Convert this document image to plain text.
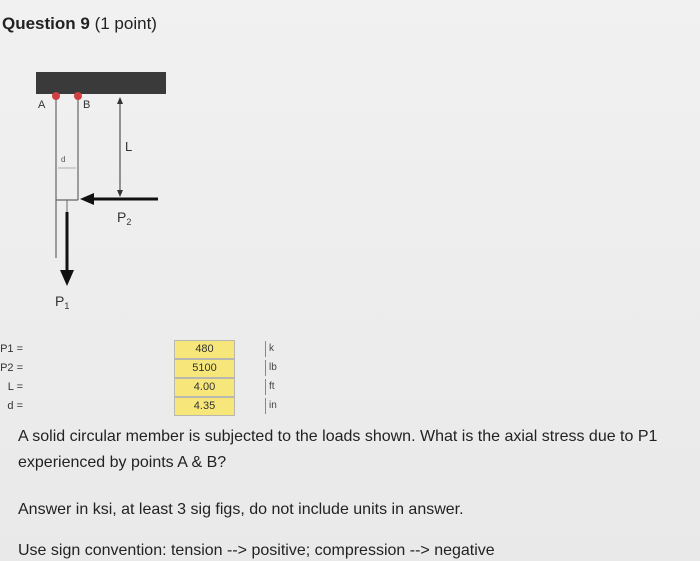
Question 9 (1 point)
A	B
d
L
$P_2$
$P_1$
P1 =	480	k
P2 =	5100	lb
L =	4.00	ft
d =	4.35	in
A solid circular member is subjected to the loads shown. What is the axial stress due to P1 experienced by points A & B?
Answer in ksi, at least 3 sig figs, do not include units in answer.
Use sign convention: tension --> positive; compression --> negative
